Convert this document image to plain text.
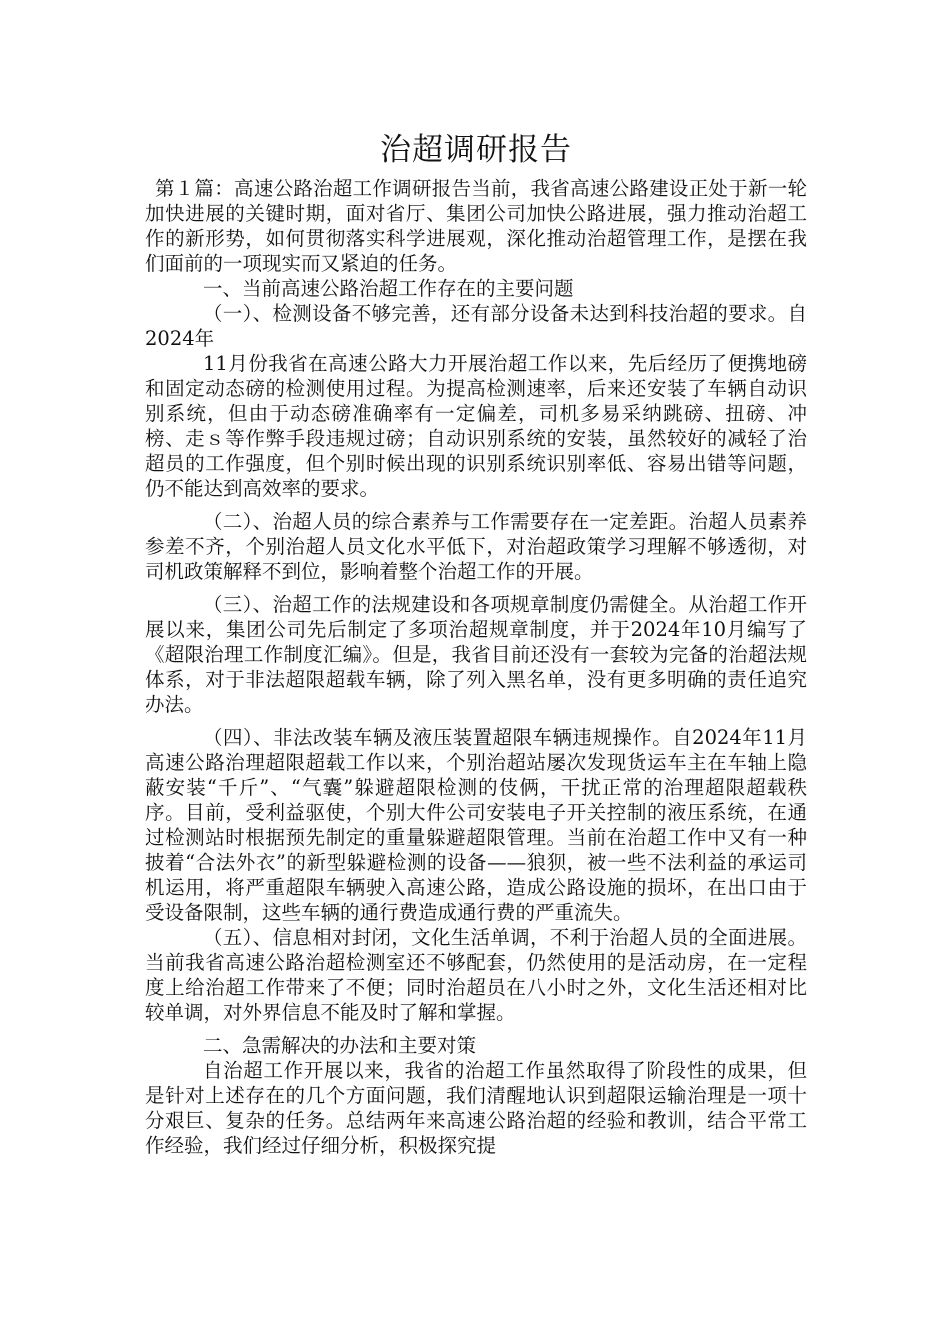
治超调研报告

第１篇：高速公路治超工作调研报告当前，我省高速公路建设正处于新一轮加快进展的关键时期，面对省厅、集团公司加快公路进展，强力推动治超工作的新形势，如何贯彻落实科学进展观，深化推动治超管理工作，是摆在我们面前的一项现实而又紧迫的任务。

一、当前高速公路治超工作存在的主要问题

（一）、检测设备不够完善，还有部分设备未达到科技治超的要求。自2024年

11月份我省在高速公路大力开展治超工作以来，先后经历了便携地磅和固定动态磅的检测使用过程。为提高检测速率，后来还安装了车辆自动识别系统，但由于动态磅准确率有一定偏差，司机多易采纳跳磅、扭磅、冲榜、走ｓ等作弊手段违规过磅；自动识别系统的安装，虽然较好的减轻了治超员的工作强度，但个别时候出现的识别系统识别率低、容易出错等问题，仍不能达到高效率的要求。

（二）、治超人员的综合素养与工作需要存在一定差距。治超人员素养参差不齐，个别治超人员文化水平低下，对治超政策学习理解不够透彻，对司机政策解释不到位，影响着整个治超工作的开展。

（三）、治超工作的法规建设和各项规章制度仍需健全。从治超工作开展以来，集团公司先后制定了多项治超规章制度，并于2024年10月编写了《超限治理工作制度汇编》。但是，我省目前还没有一套较为完备的治超法规体系，对于非法超限超载车辆，除了列入黑名单，没有更多明确的责任追究办法。

（四）、非法改装车辆及液压装置超限车辆违规操作。自2024年11月高速公路治理超限超载工作以来，个别治超站屡次发现货运车主在车轴上隐蔽安装“千斤”、“气囊”躲避超限检测的伎俩，干扰正常的治理超限超载秩序。目前，受利益驱使，个别大件公司安装电子开关控制的液压系统，在通过检测站时根据预先制定的重量躲避超限管理。当前在治超工作中又有一种披着“合法外衣”的新型躲避检测的设备——狼狈，被一些不法利益的承运司机运用，将严重超限车辆驶入高速公路，造成公路设施的损坏，在出口由于受设备限制，这些车辆的通行费造成通行费的严重流失。

（五）、信息相对封闭，文化生活单调，不利于治超人员的全面进展。当前我省高速公路治超检测室还不够配套，仍然使用的是活动房，在一定程度上给治超工作带来了不便；同时治超员在八小时之外，文化生活还相对比较单调，对外界信息不能及时了解和掌握。

二、急需解决的办法和主要对策

自治超工作开展以来，我省的治超工作虽然取得了阶段性的成果，但是针对上述存在的几个方面问题，我们清醒地认识到超限运输治理是一项十分艰巨、复杂的任务。总结两年来高速公路治超的经验和教训，结合平常工作经验，我们经过仔细分析，积极探究提
